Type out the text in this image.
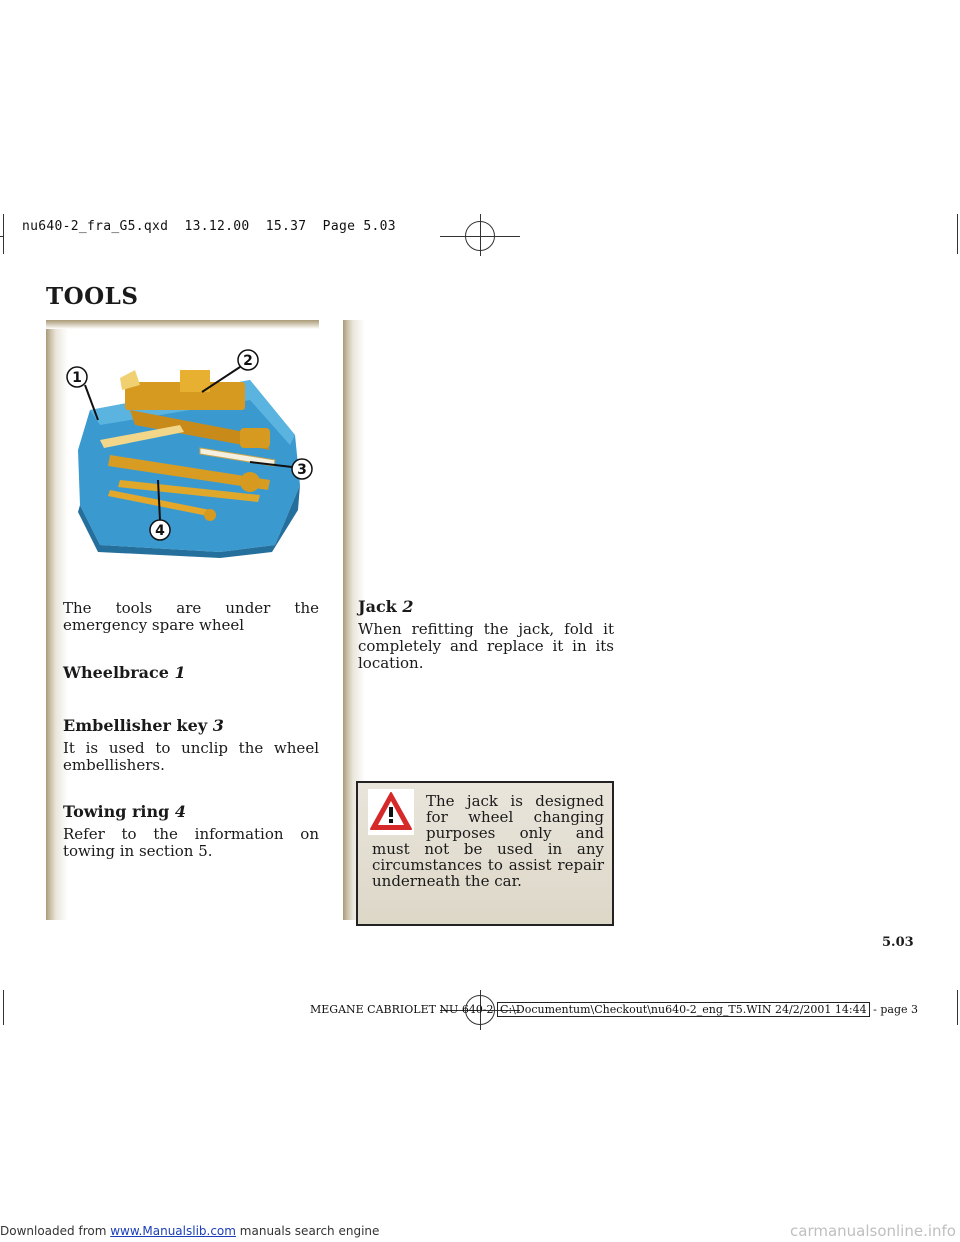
nu640-2_fra_G5.qxd  13.12.00  15.37  Page 5.03
TOOLS
1
2
3
4
The tools are under the emergency spare wheel
Wheelbrace 1
Embellisher key 3
It is used to unclip the wheel embellishers.
Towing ring 4
Refer to the information on towing in section 5.
Jack 2
When refitting the jack, fold it completely and replace it in its location.
The jack is designed for wheel changing purposes only and must not be used in any circumstances to assist repair underneath the car.
5.03
MEGANE CABRIOLET NU 640-2 C:\Documentum\Checkout\nu640-2_eng_T5.WIN 24/2/2001 14:44 - page 3
Downloaded from www.Manualslib.com manuals search engine	carmanualsonline.info
